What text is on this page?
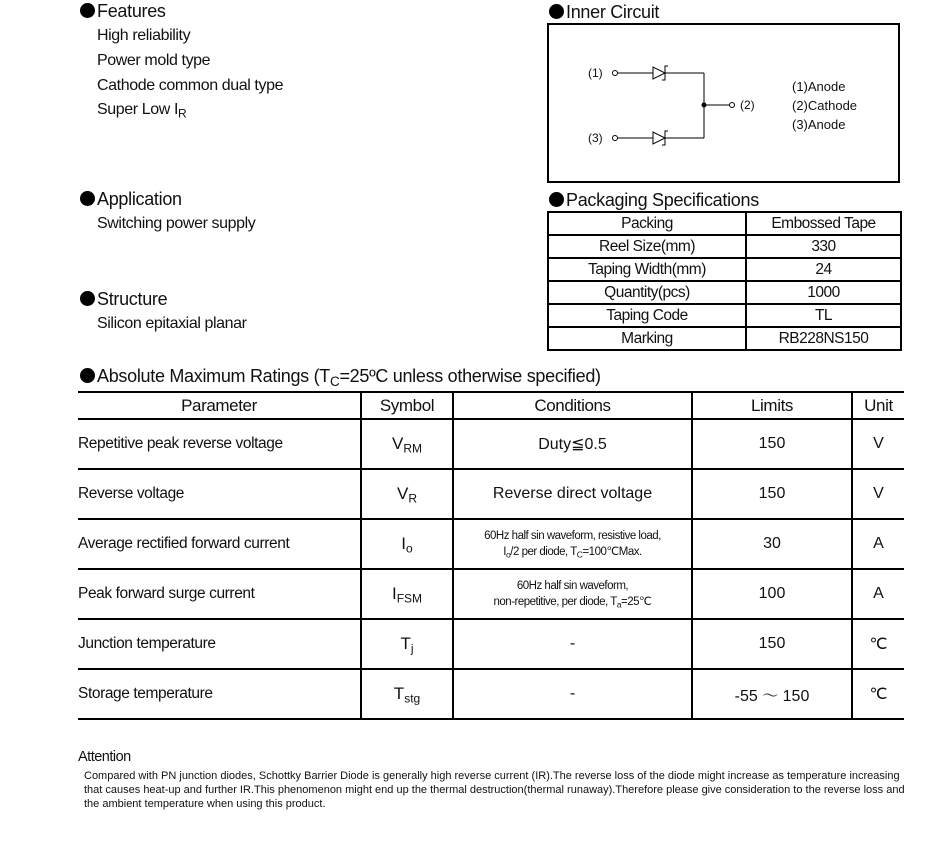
Features
High reliability
Power mold type
Cathode common dual type
Super Low $I_R$
Application
Switching power supply
Structure
Silicon epitaxial planar
Inner Circuit
(1)
(2)
(3)
(1)Anode
(2)Cathode
(3)Anode
Packaging Specifications
Packing	Embossed Tape
Reel Size(mm)	330
Taping Width(mm)	24
Quantity(pcs)	1000
Taping Code	TL
Marking	RB228NS150
Absolute Maximum Ratings ($T_C=25ºC$ unless otherwise specified)
Parameter	Symbol	Conditions	Limits	Unit
Repetitive peak reverse voltage	$V_{RM}$	Duty≦0.5	150	V
Reverse voltage	$V_R$	Reverse direct voltage	150	V
Average rectified forward current	$I_o$	60Hz half sin waveform, resistive load,
$I_o/2$ per diode, $T_C=100℃Max$.	30	A
Peak forward surge current	$I_{FSM}$	60Hz half sin waveform,
non-repetitive, per diode, $T_a=25℃$	100	A
Junction temperature	$T_j$	-	150	℃
Storage temperature	$T_{stg}$	-	-55 ～ 150	℃
Attention
Compared with PN junction diodes, Schottky Barrier Diode is generally high reverse current (IR).The reverse loss of the diode might increase as temperature increasing that causes heat-up and further IR.This phenomenon might end up the thermal destruction(thermal runaway).Therefore please give consideration to the reverse loss and the ambient temperature when using this product.
